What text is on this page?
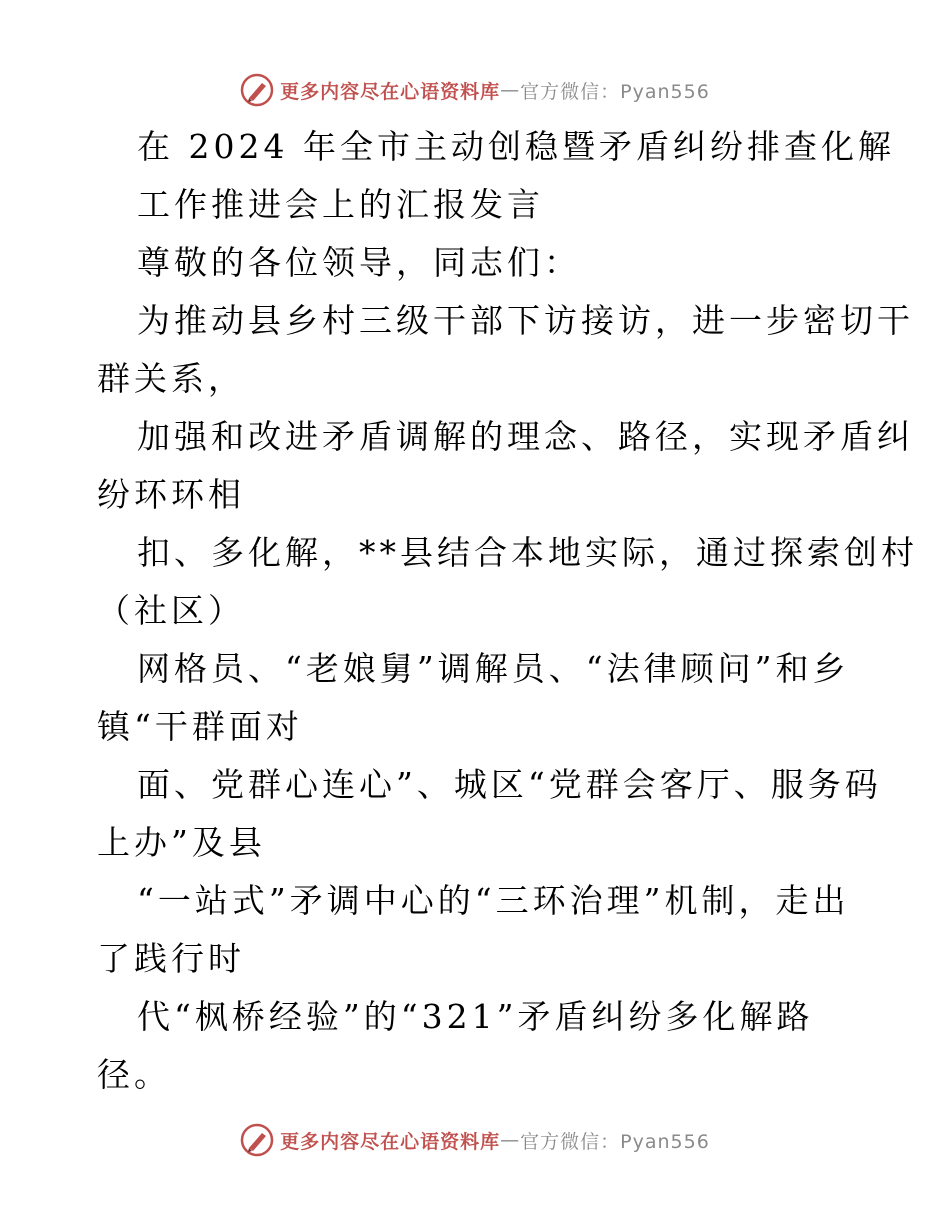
更多内容尽在心语资料库 — 官方微信：Pyan556
在 2024 年全市主动创稳暨矛盾纠纷排查化解
工作推进会上的汇报发言
尊敬的各位领导，同志们：
为推动县乡村三级干部下访接访，进一步密切干
群关系，
加强和改进矛盾调解的理念、路径，实现矛盾纠
纷环环相
扣、多化解，**县结合本地实际，通过探索创村
（社区）
网格员、“老娘舅”调解员、“法律顾问”和乡
镇“干群面对
面、党群心连心”、城区“党群会客厅、服务码
上办”及县
“一站式”矛调中心的“三环治理”机制，走出
了践行时
代“枫桥经验”的“321”矛盾纠纷多化解路
径。
更多内容尽在心语资料库 — 官方微信：Pyan556
